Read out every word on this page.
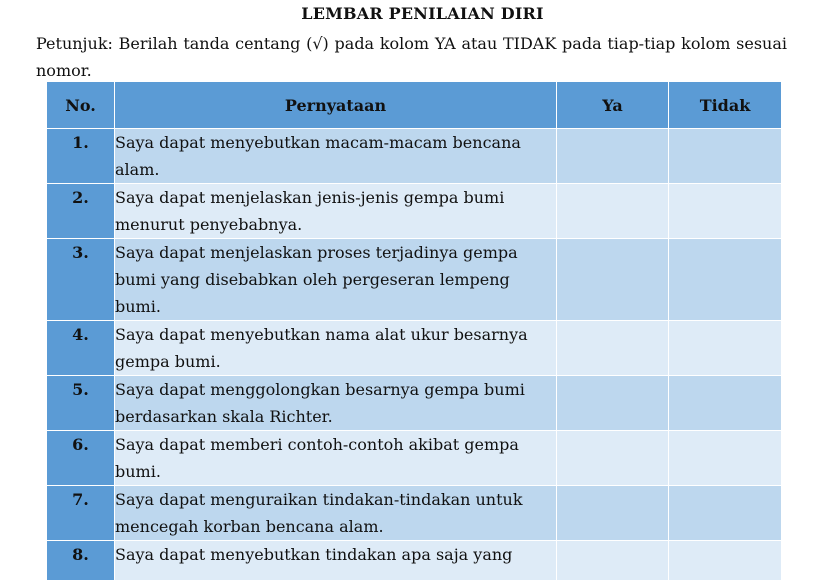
LEMBAR PENILAIAN DIRI
Petunjuk: Berilah tanda centang (√) pada kolom YA atau TIDAK pada tiap-tiap kolom sesuai nomor.
No.	Pernyataan	Ya	Tidak
1.	Saya dapat menyebutkan macam-macam bencana alam.		
2.	Saya dapat menjelaskan jenis-jenis gempa bumi menurut penyebabnya.		
3.	Saya dapat menjelaskan proses terjadinya gempa bumi yang disebabkan oleh pergeseran lempeng bumi.		
4.	Saya dapat menyebutkan nama alat ukur besarnya gempa bumi.		
5.	Saya dapat menggolongkan besarnya gempa bumi berdasarkan skala Richter.		
6.	Saya dapat memberi contoh-contoh akibat gempa bumi.		
7.	Saya dapat menguraikan tindakan-tindakan untuk mencegah korban bencana alam.		
8.	Saya dapat menyebutkan tindakan apa saja yang		
